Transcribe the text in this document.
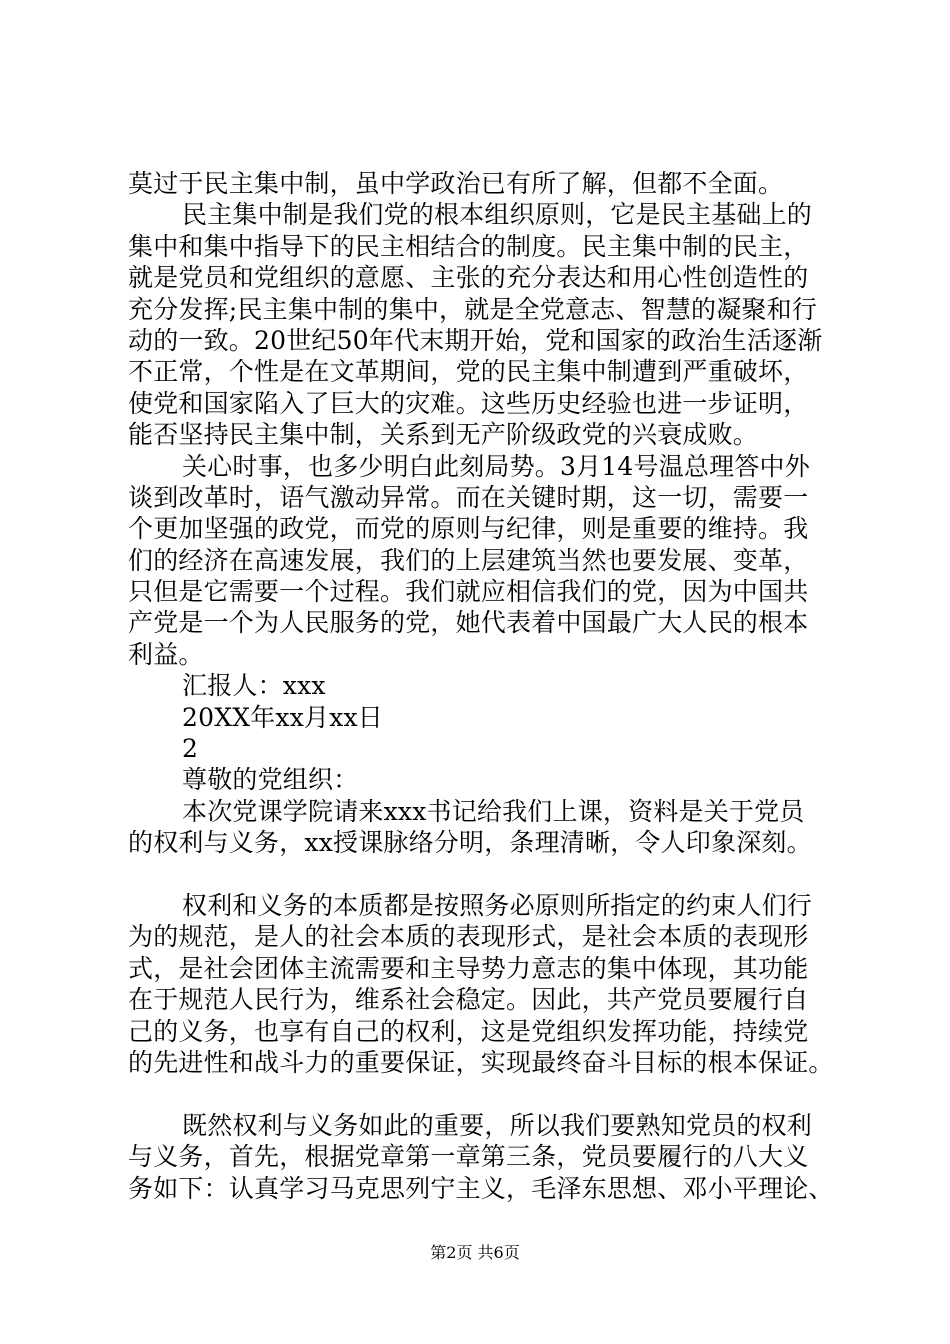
莫过于民主集中制，虽中学政治已有所了解，但都不全面。
民主集中制是我们党的根本组织原则，它是民主基础上的
集中和集中指导下的民主相结合的制度。民主集中制的民主，
就是党员和党组织的意愿、主张的充分表达和用心性创造性的
充分发挥;民主集中制的集中，就是全党意志、智慧的凝聚和行
动的一致。20世纪50年代末期开始，党和国家的政治生活逐渐
不正常，个性是在文革期间，党的民主集中制遭到严重破坏，
使党和国家陷入了巨大的灾难。这些历史经验也进一步证明，
能否坚持民主集中制，关系到无产阶级政党的兴衰成败。
关心时事，也多少明白此刻局势。3月14号温总理答中外
谈到改革时，语气激动异常。而在关键时期，这一切，需要一
个更加坚强的政党，而党的原则与纪律，则是重要的维持。我
们的经济在高速发展，我们的上层建筑当然也要发展、变革，
只但是它需要一个过程。我们就应相信我们的党，因为中国共
产党是一个为人民服务的党，她代表着中国最广大人民的根本
利益。
汇报人：xxx
20XX年xx月xx日
2
尊敬的党组织：
本次党课学院请来xxx书记给我们上课，资料是关于党员
的权利与义务，xx授课脉络分明，条理清晰，令人印象深刻。
权利和义务的本质都是按照务必原则所指定的约束人们行
为的规范，是人的社会本质的表现形式，是社会本质的表现形
式，是社会团体主流需要和主导势力意志的集中体现，其功能
在于规范人民行为，维系社会稳定。因此，共产党员要履行自
己的义务，也享有自己的权利，这是党组织发挥功能，持续党
的先进性和战斗力的重要保证，实现最终奋斗目标的根本保证。
既然权利与义务如此的重要，所以我们要熟知党员的权利
与义务，首先，根据党章第一章第三条，党员要履行的八大义
务如下：认真学习马克思列宁主义，毛泽东思想、邓小平理论、
第2页 共6页
